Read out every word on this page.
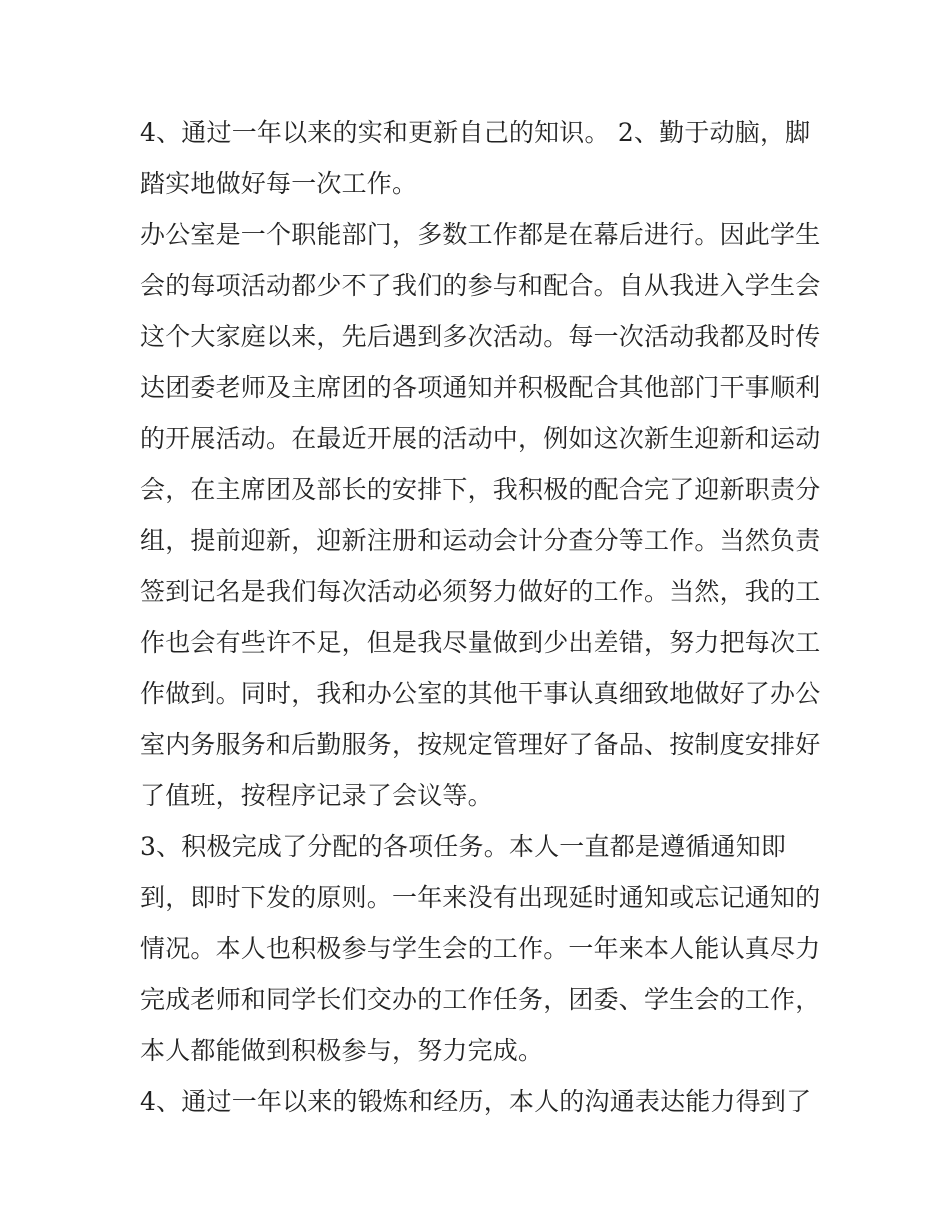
4、通过一年以来的实和更新自己的知识。 2、勤于动脑，脚
踏实地做好每一次工作。
办公室是一个职能部门，多数工作都是在幕后进行。因此学生
会的每项活动都少不了我们的参与和配合。自从我进入学生会
这个大家庭以来，先后遇到多次活动。每一次活动我都及时传
达团委老师及主席团的各项通知并积极配合其他部门干事顺利
的开展活动。在最近开展的活动中，例如这次新生迎新和运动
会，在主席团及部长的安排下，我积极的配合完了迎新职责分
组，提前迎新，迎新注册和运动会计分查分等工作。当然负责
签到记名是我们每次活动必须努力做好的工作。当然，我的工
作也会有些许不足，但是我尽量做到少出差错，努力把每次工
作做到。同时，我和办公室的其他干事认真细致地做好了办公
室内务服务和后勤服务，按规定管理好了备品、按制度安排好
了值班，按程序记录了会议等。
3、积极完成了分配的各项任务。本人一直都是遵循通知即
到，即时下发的原则。一年来没有出现延时通知或忘记通知的
情况。本人也积极参与学生会的工作。一年来本人能认真尽力
完成老师和同学长们交办的工作任务，团委、学生会的工作，
本人都能做到积极参与，努力完成。
4、通过一年以来的锻炼和经历，本人的沟通表达能力得到了
